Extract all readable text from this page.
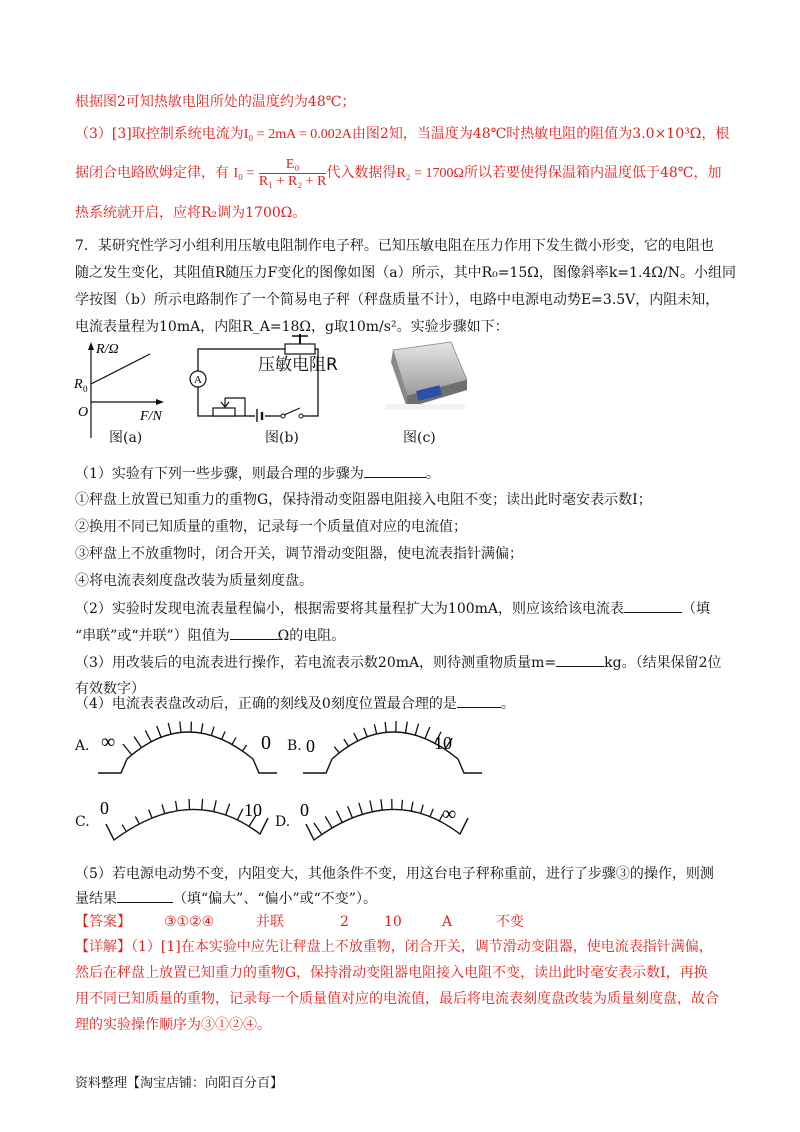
根据图2可知热敏电阻所处的温度约为48℃；
（3）[3]取控制系统电流为I₀ = 2mA = 0.002A由图2知，当温度为48℃时热敏电阻的阻值为3.0×10³Ω，根
据闭合电路欧姆定律，有 $I_0 = \frac{\text{E₀}}{\text{R₁ + R₂ + R}}$ 代入数据得R₂ = 1700Ω所以若要使得保温箱内温度低于48℃，加
热系统就开启，应将R₂调为1700Ω。
7．某研究性学习小组利用压敏电阻制作电子秤。已知压敏电阻在压力作用下发生微小形变，它的电阻也
随之发生变化，其阻值R随压力F变化的图像如图（a）所示，其中R₀=15Ω，图像斜率k=1.4Ω/N。小组同
学按图（b）所示电路制作了一个简易电子秤（秤盘质量不计），电路中电源电动势E=3.5V，内阻未知，
电流表量程为10mA，内阻R_A=18Ω，g取10m/s²。实验步骤如下：
R/Ω
R 0
O	F/N
图(a)
A
压敏电阻R
图(b)	图(c)
（1）实验有下列一些步骤，则最合理的步骤为	。
①秤盘上放置已知重力的重物G，保持滑动变阻器电阻接入电阻不变；读出此时毫安表示数I；
②换用不同已知质量的重物，记录每一个质量值对应的电流值；
③秤盘上不放重物时，闭合开关，调节滑动变阻器，使电流表指针满偏；
④将电流表刻度盘改装为质量刻度盘。
（2）实验时发现电流表量程偏小，根据需要将其量程扩大为100mA，则应该给该电流表	（填
“串联”或“并联”）阻值为	Ω的电阻。
（3）用改装后的电流表进行操作，若电流表示数20mA，则待测重物质量m=	kg。（结果保留2位
有效数字）
（4）电流表表盘改动后，正确的刻线及0刻度位置最合理的是	。
A. ∞	0 B. 0	10
C.
0	10
D.
0	∞
（5）若电源电动势不变，内阻变大，其他条件不变，用这台电子秤称重前，进行了步骤③的操作，则测
量结果	（填“偏大”、“偏小”或“不变”）。
【答案】 ③①②④	并联	2	10	A	不变
【详解】（1）[1]在本实验中应先让秤盘上不放重物，闭合开关，调节滑动变阻器，使电流表指针满偏，
然后在秤盘上放置已知重力的重物G，保持滑动变阻器电阻接入电阻不变，读出此时毫安表示数I，再换
用不同已知质量的重物，记录每一个质量值对应的电流值，最后将电流表刻度盘改装为质量刻度盘，故合
理的实验操作顺序为③①②④。
资料整理【淘宝店铺：向阳百分百】
